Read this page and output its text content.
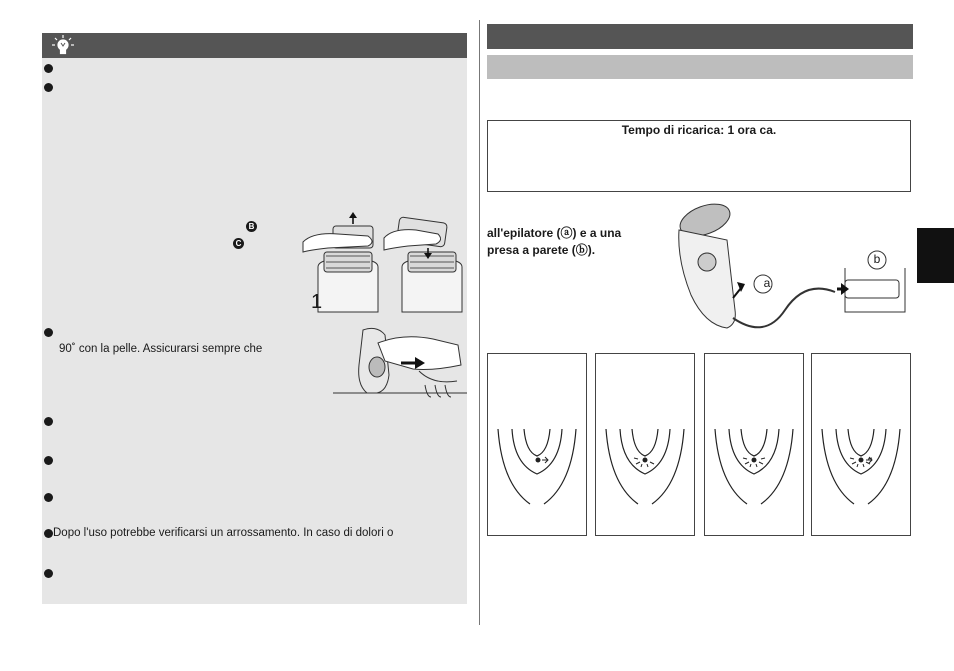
B
C
1
90˚ con la pelle. Assicurarsi sempre che
Dopo l'uso potrebbe verificarsi un arrossamento. In caso di dolori o
Tempo di ricarica: 1 ora ca.
all'epilatore (ⓐ) e a una
presa a parete (ⓑ).
a
b
